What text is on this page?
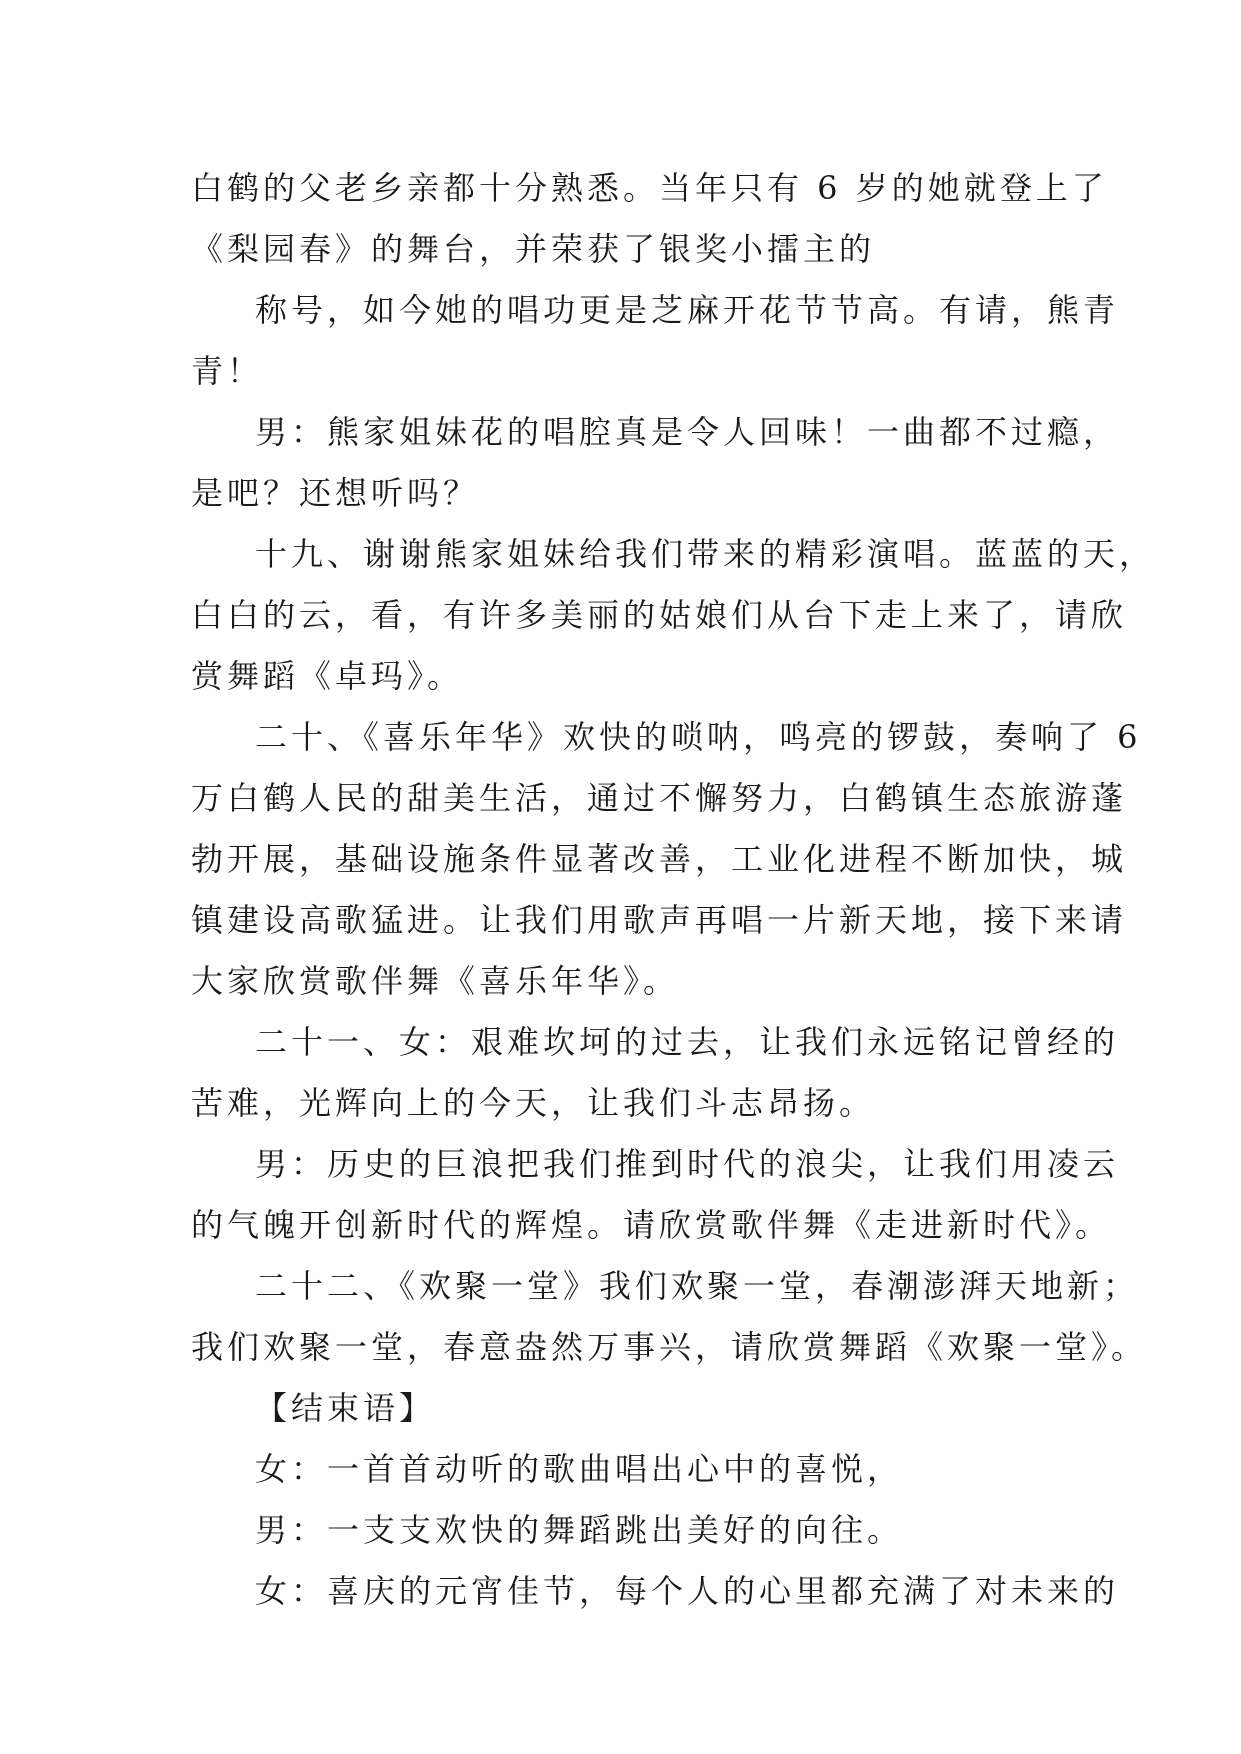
白鹤的父老乡亲都十分熟悉。当年只有 6 岁的她就登上了

《梨园春》的舞台，并荣获了银奖小擂主的

称号，如今她的唱功更是芝麻开花节节高。有请，熊青

青！

男：熊家姐妹花的唱腔真是令人回味！一曲都不过瘾，

是吧？还想听吗？

十九、谢谢熊家姐妹给我们带来的精彩演唱。蓝蓝的天，

白白的云，看，有许多美丽的姑娘们从台下走上来了，请欣

赏舞蹈《卓玛》。

二十、《喜乐年华》欢快的唢呐，鸣亮的锣鼓，奏响了 6

万白鹤人民的甜美生活，通过不懈努力，白鹤镇生态旅游蓬

勃开展，基础设施条件显著改善，工业化进程不断加快，城

镇建设高歌猛进。让我们用歌声再唱一片新天地，接下来请

大家欣赏歌伴舞《喜乐年华》。

二十一、女：艰难坎坷的过去，让我们永远铭记曾经的

苦难，光辉向上的今天，让我们斗志昂扬。

男：历史的巨浪把我们推到时代的浪尖，让我们用凌云

的气魄开创新时代的辉煌。请欣赏歌伴舞《走进新时代》。

二十二、《欢聚一堂》我们欢聚一堂，春潮澎湃天地新；

我们欢聚一堂，春意盎然万事兴，请欣赏舞蹈《欢聚一堂》。

【结束语】

女：一首首动听的歌曲唱出心中的喜悦，

男：一支支欢快的舞蹈跳出美好的向往。

女：喜庆的元宵佳节，每个人的心里都充满了对未来的
